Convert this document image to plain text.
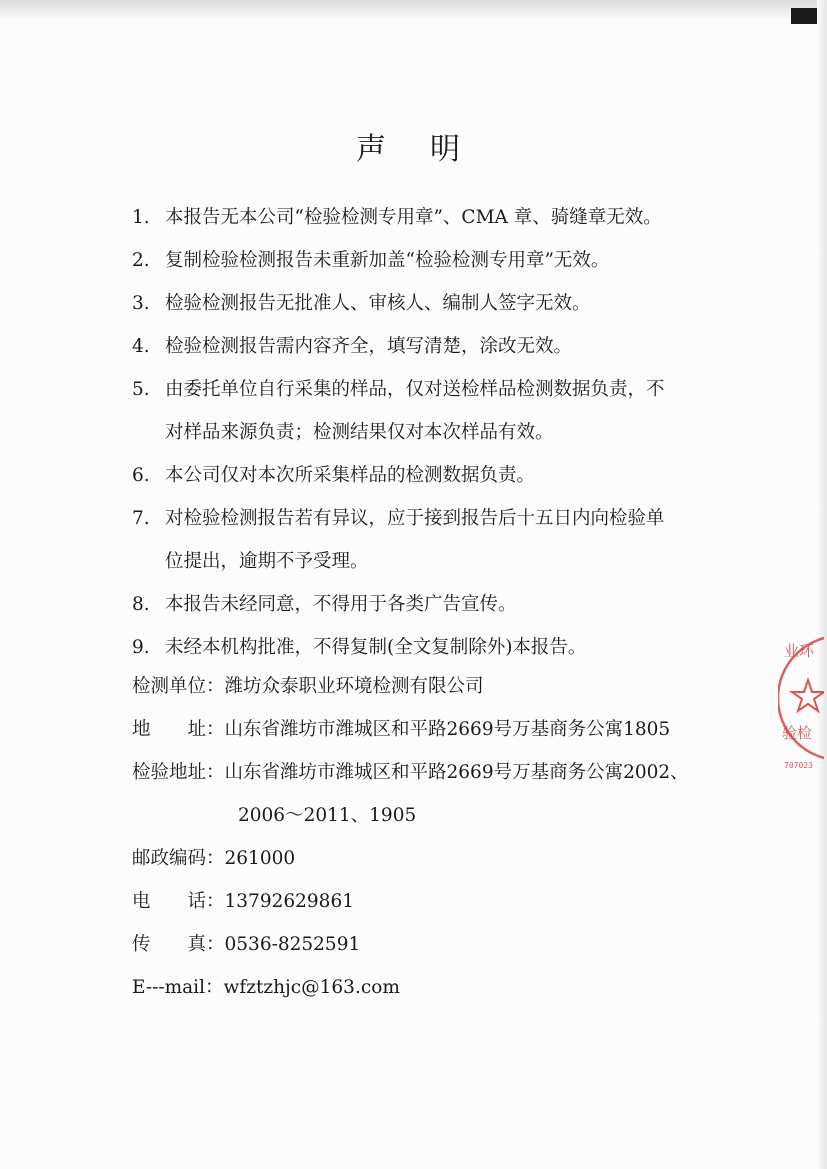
声明
1. 本报告无本公司“检验检测专用章”、CMA 章、骑缝章无效。
2. 复制检验检测报告未重新加盖“检验检测专用章”无效。
3. 检验检测报告无批准人、审核人、编制人签字无效。
4. 检验检测报告需内容齐全，填写清楚，涂改无效。
5. 由委托单位自行采集的样品，仅对送检样品检测数据负责，不
对样品来源负责；检测结果仅对本次样品有效。
6. 本公司仅对本次所采集样品的检测数据负责。
7. 对检验检测报告若有异议，应于接到报告后十五日内向检验单
位提出，逾期不予受理。
8. 本报告未经同意，不得用于各类广告宣传。
9. 未经本机构批准，不得复制(全文复制除外)本报告。
检测单位：潍坊众泰职业环境检测有限公司
地　　址：山东省潍坊市潍城区和平路2669号万基商务公寓1805
检验地址：山东省潍坊市潍城区和平路2669号万基商务公寓2002、
2006～2011、1905
邮政编码：261000
电　　话：13792629861
传　　真：0536-8252591
E---mail：wfztzhjc@163.com
业环
验检
707023
